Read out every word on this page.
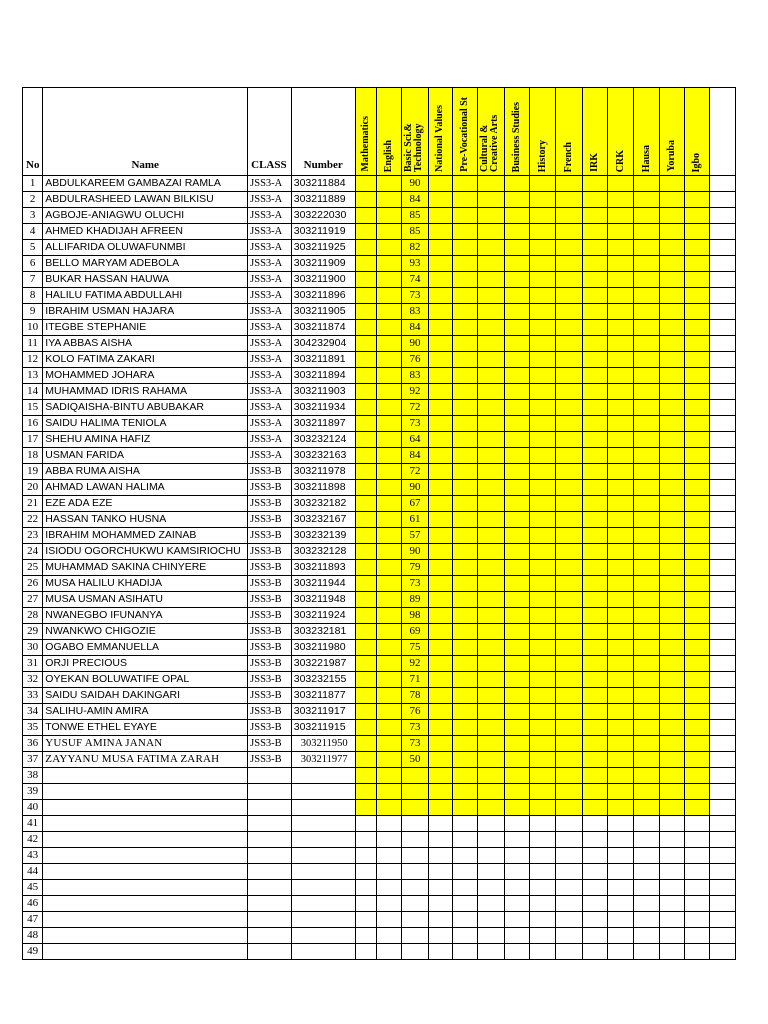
No	Name	CLASS	Number	Mathematics	English	Basic Sci.& Technology	National Values	Pre-Vocational St	Cultural & Creative Arts	Business Studies	History	French	IRK	CRK	Hausa	Yoruba	Igbo	

1	ABDULKAREEM GAMBAZAI RAMLA	JSS3-A	303211884			90												
2	ABDULRASHEED LAWAN BILKISU	JSS3-A	303211889			84												
3	AGBOJE-ANIAGWU OLUCHI	JSS3-A	303222030			85												
4	AHMED KHADIJAH AFREEN	JSS3-A	303211919			85												
5	ALLIFARIDA OLUWAFUNMBI	JSS3-A	303211925			82												
6	BELLO MARYAM ADEBOLA	JSS3-A	303211909			93												
7	BUKAR HASSAN HAUWA	JSS3-A	303211900			74												
8	HALILU FATIMA ABDULLAHI	JSS3-A	303211896			73												
9	IBRAHIM USMAN HAJARA	JSS3-A	303211905			83												
10	ITEGBE STEPHANIE	JSS3-A	303211874			84												
11	IYA ABBAS AISHA	JSS3-A	304232904			90												
12	KOLO FATIMA ZAKARI	JSS3-A	303211891			76												
13	MOHAMMED JOHARA	JSS3-A	303211894			83												
14	MUHAMMAD IDRIS RAHAMA	JSS3-A	303211903			92												
15	SADIQAISHA-BINTU ABUBAKAR	JSS3-A	303211934			72												
16	SAIDU HALIMA TENIOLA	JSS3-A	303211897			73												
17	SHEHU AMINA HAFIZ	JSS3-A	303232124			64												
18	USMAN FARIDA	JSS3-A	303232163			84												
19	ABBA RUMA AISHA	JSS3-B	303211978			72												
20	AHMAD LAWAN HALIMA	JSS3-B	303211898			90												
21	EZE ADA EZE	JSS3-B	303232182			67												
22	HASSAN TANKO HUSNA	JSS3-B	303232167			61												
23	IBRAHIM MOHAMMED ZAINAB	JSS3-B	303232139			57												
24	ISIODU OGORCHUKWU KAMSIRIOCHU	JSS3-B	303232128			90												
25	MUHAMMAD SAKINA CHINYERE	JSS3-B	303211893			79												
26	MUSA HALILU KHADIJA	JSS3-B	303211944			73												
27	MUSA USMAN ASIHATU	JSS3-B	303211948			89												
28	NWANEGBO IFUNANYA	JSS3-B	303211924			98												
29	NWANKWO CHIGOZIE	JSS3-B	303232181			69												
30	OGABO EMMANUELLA	JSS3-B	303211980			75												
31	ORJI PRECIOUS	JSS3-B	303221987			92												
32	OYEKAN BOLUWATIFE OPAL	JSS3-B	303232155			71												
33	SAIDU SAIDAH DAKINGARI	JSS3-B	303211877			78												
34	SALIHU-AMIN AMIRA	JSS3-B	303211917			76												
35	TONWE ETHEL EYAYE	JSS3-B	303211915			73												
36	YUSUF AMINA JANAN	JSS3-B	303211950			73												
37	ZAYYANU MUSA FATIMA ZARAH	JSS3-B	303211977			50												
38																		
39																		
40																		
41																		
42																		
43																		
44																		
45																		
46																		
47																		
48																		
49																		
